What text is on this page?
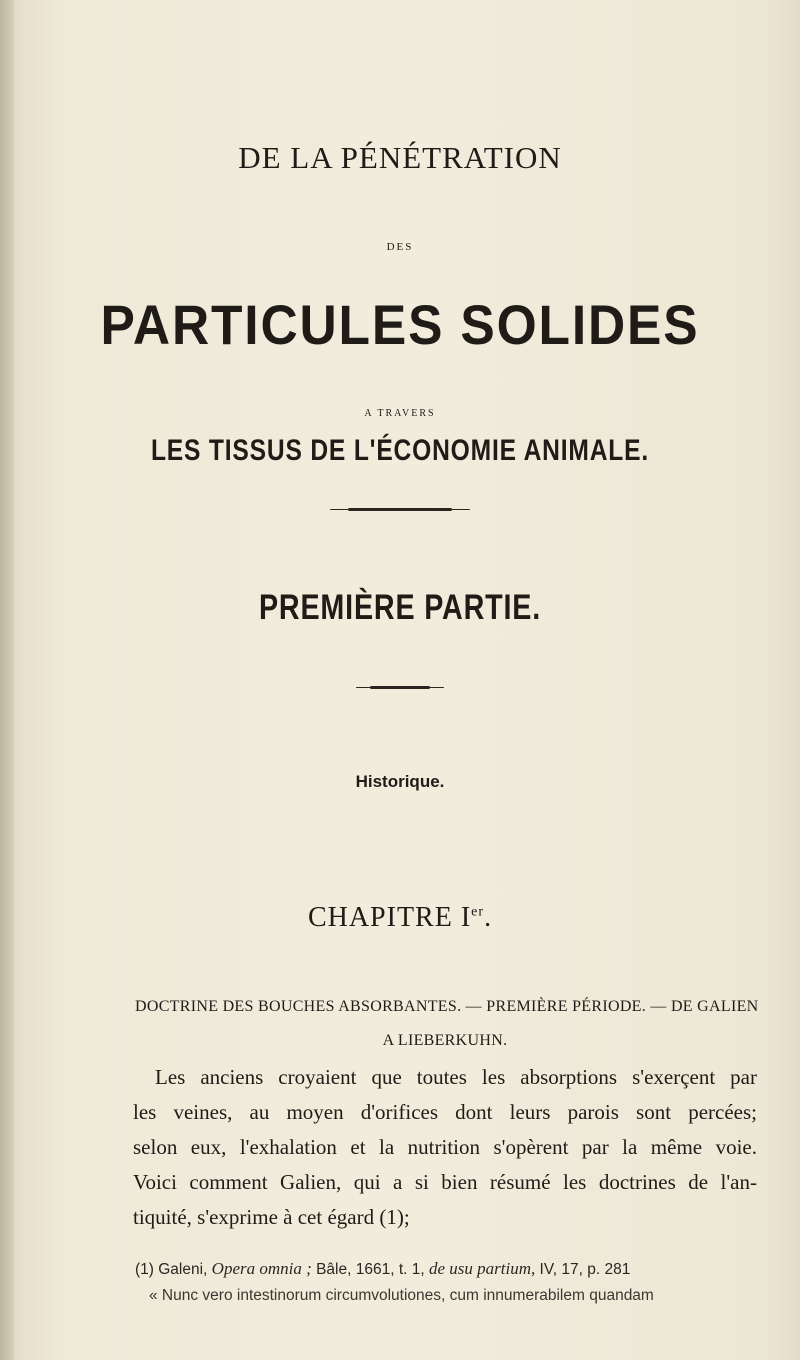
DE LA PÉNÉTRATION
DES
PARTICULES SOLIDES
A TRAVERS
LES TISSUS DE L'ÉCONOMIE ANIMALE.
PREMIÈRE PARTIE.
Historique.
CHAPITRE Ier.
DOCTRINE DES BOUCHES ABSORBANTES. — PREMIÈRE PÉRIODE. — DE GALIEN
A LIEBERKUHN.
Les anciens croyaient que toutes les absorptions s'exerçent par
les veines, au moyen d'orifices dont leurs parois sont percées;
selon eux, l'exhalation et la nutrition s'opèrent par la même voie.
Voici comment Galien, qui a si bien résumé les doctrines de l'an-
tiquité, s'exprime à cet égard (1);
(1) Galeni, Opera omnia ; Bâle, 1661, t. 1, de usu partium, IV, 17, p. 281
« Nunc vero intestinorum circumvolutiones, cum innumerabilem quandam
